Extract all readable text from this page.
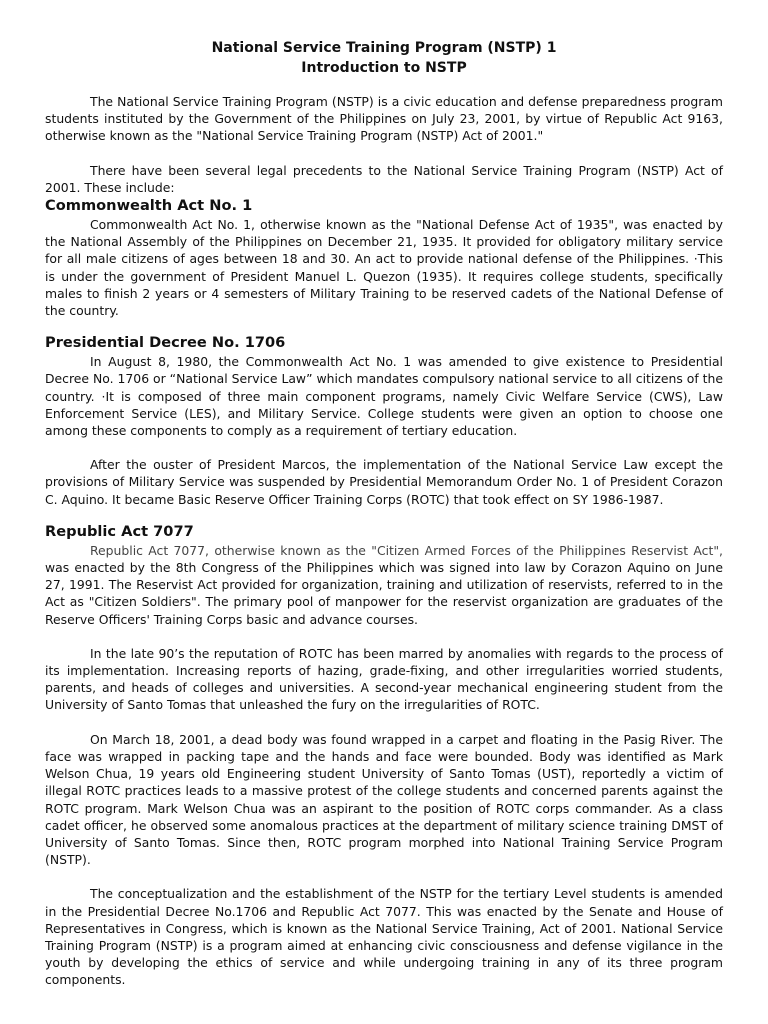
National Service Training Program (NSTP) 1
Introduction to NSTP

The National Service Training Program (NSTP) is a civic education and defense preparedness program students instituted by the Government of the Philippines on July 23, 2001, by virtue of Republic Act 9163, otherwise known as the "National Service Training Program (NSTP) Act of 2001."

There have been several legal precedents to the National Service Training Program (NSTP) Act of 2001. These include:

Commonwealth Act No. 1

Commonwealth Act No. 1, otherwise known as the "National Defense Act of 1935", was enacted by the National Assembly of the Philippines on December 21, 1935. It provided for obligatory military service for all male citizens of ages between 18 and 30. An act to provide national defense of the Philippines. ·This is under the government of President Manuel L. Quezon (1935). It requires college students, specifically males to finish 2 years or 4 semesters of Military Training to be reserved cadets of the National Defense of the country.

Presidential Decree No. 1706

In August 8, 1980, the Commonwealth Act No. 1 was amended to give existence to Presidential Decree No. 1706 or “National Service Law” which mandates compulsory national service to all citizens of the country. ·It is composed of three main component programs, namely Civic Welfare Service (CWS), Law Enforcement Service (LES), and Military Service. College students were given an option to choose one among these components to comply as a requirement of tertiary education.

After the ouster of President Marcos, the implementation of the National Service Law except the provisions of Military Service was suspended by Presidential Memorandum Order No. 1 of President Corazon C. Aquino. It became Basic Reserve Officer Training Corps (ROTC) that took effect on SY 1986-1987.

Republic Act 7077

Republic Act 7077, otherwise known as the "Citizen Armed Forces of the Philippines Reservist Act", was enacted by the 8th Congress of the Philippines which was signed into law by Corazon Aquino on June 27, 1991. The Reservist Act provided for organization, training and utilization of reservists, referred to in the Act as "Citizen Soldiers". The primary pool of manpower for the reservist organization are graduates of the Reserve Officers' Training Corps basic and advance courses.

In the late 90’s the reputation of ROTC has been marred by anomalies with regards to the process of its implementation. Increasing reports of hazing, grade-fixing, and other irregularities worried students, parents, and heads of colleges and universities. A second-year mechanical engineering student from the University of Santo Tomas that unleashed the fury on the irregularities of ROTC.

On March 18, 2001, a dead body was found wrapped in a carpet and floating in the Pasig River. The face was wrapped in packing tape and the hands and face were bounded. Body was identified as Mark Welson Chua, 19 years old Engineering student University of Santo Tomas (UST), reportedly a victim of illegal ROTC practices leads to a massive protest of the college students and concerned parents against the ROTC program. Mark Welson Chua was an aspirant to the position of ROTC corps commander. As a class cadet officer, he observed some anomalous practices at the department of military science training DMST of University of Santo Tomas. Since then, ROTC program morphed into National Training Service Program (NSTP).

The conceptualization and the establishment of the NSTP for the tertiary Level students is amended in the Presidential Decree No.1706 and Republic Act 7077. This was enacted by the Senate and House of Representatives in Congress, which is known as the National Service Training, Act of 2001. National Service Training Program (NSTP) is a program aimed at enhancing civic consciousness and defense vigilance in the youth by developing the ethics of service and while undergoing training in any of its three program components.
